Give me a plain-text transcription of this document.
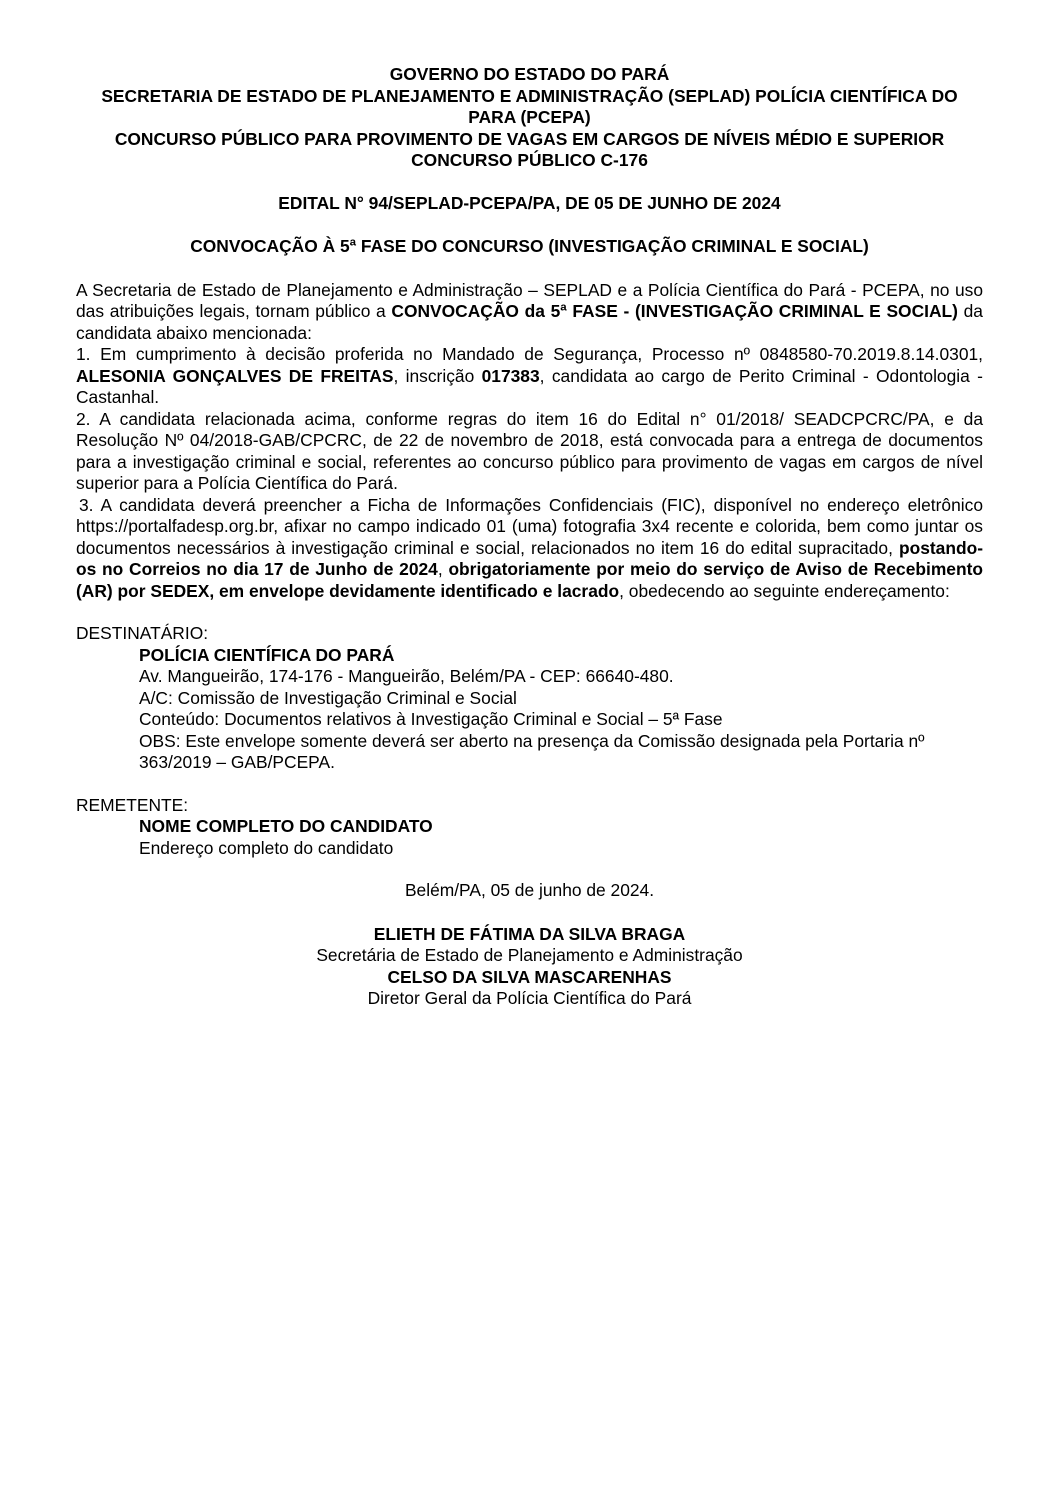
GOVERNO DO ESTADO DO PARÁ

SECRETARIA DE ESTADO DE PLANEJAMENTO E ADMINISTRAÇÃO (SEPLAD) POLÍCIA CIENTÍFICA DO PARA (PCEPA)

CONCURSO PÚBLICO PARA PROVIMENTO DE VAGAS EM CARGOS DE NÍVEIS MÉDIO E SUPERIOR

CONCURSO PÚBLICO C-176

EDITAL N° 94/SEPLAD-PCEPA/PA, DE 05 DE JUNHO DE 2024

CONVOCAÇÃO À 5ª FASE DO CONCURSO (INVESTIGAÇÃO CRIMINAL E SOCIAL)

A Secretaria de Estado de Planejamento e Administração – SEPLAD e a Polícia Científica do Pará - PCEPA, no uso das atribuições legais, tornam público a CONVOCAÇÃO da 5ª FASE - (INVESTIGAÇÃO CRIMINAL E SOCIAL) da candidata abaixo mencionada:

1. Em cumprimento à decisão proferida no Mandado de Segurança, Processo nº 0848580-70.2019.8.14.0301, ALESONIA GONÇALVES DE FREITAS, inscrição 017383, candidata ao cargo de Perito Criminal - Odontologia - Castanhal.

2. A candidata relacionada acima, conforme regras do item 16 do Edital n° 01/2018/ SEADCPCRC/PA, e da Resolução Nº 04/2018-GAB/CPCRC, de 22 de novembro de 2018, está convocada para a entrega de documentos para a investigação criminal e social, referentes ao concurso público para provimento de vagas em cargos de nível superior para a Polícia Científica do Pará.

3. A candidata deverá preencher a Ficha de Informações Confidenciais (FIC), disponível no endereço eletrônico https://portalfadesp.org.br, afixar no campo indicado 01 (uma) fotografia 3x4 recente e colorida, bem como juntar os documentos necessários à investigação criminal e social, relacionados no item 16 do edital supracitado, postando-os no Correios no dia 17 de Junho de 2024, obrigatoriamente por meio do serviço de Aviso de Recebimento (AR) por SEDEX, em envelope devidamente identificado e lacrado, obedecendo ao seguinte endereçamento:

DESTINATÁRIO:

POLÍCIA CIENTÍFICA DO PARÁ

Av. Mangueirão, 174-176 - Mangueirão, Belém/PA - CEP: 66640-480.

A/C: Comissão de Investigação Criminal e Social

Conteúdo: Documentos relativos à Investigação Criminal e Social – 5ª Fase

OBS: Este envelope somente deverá ser aberto na presença da Comissão designada pela Portaria nº 363/2019 – GAB/PCEPA.

REMETENTE:

NOME COMPLETO DO CANDIDATO

Endereço completo do candidato

Belém/PA, 05 de junho de 2024.

ELIETH DE FÁTIMA DA SILVA BRAGA

Secretária de Estado de Planejamento e Administração

CELSO DA SILVA MASCARENHAS

Diretor Geral da Polícia Científica do Pará
